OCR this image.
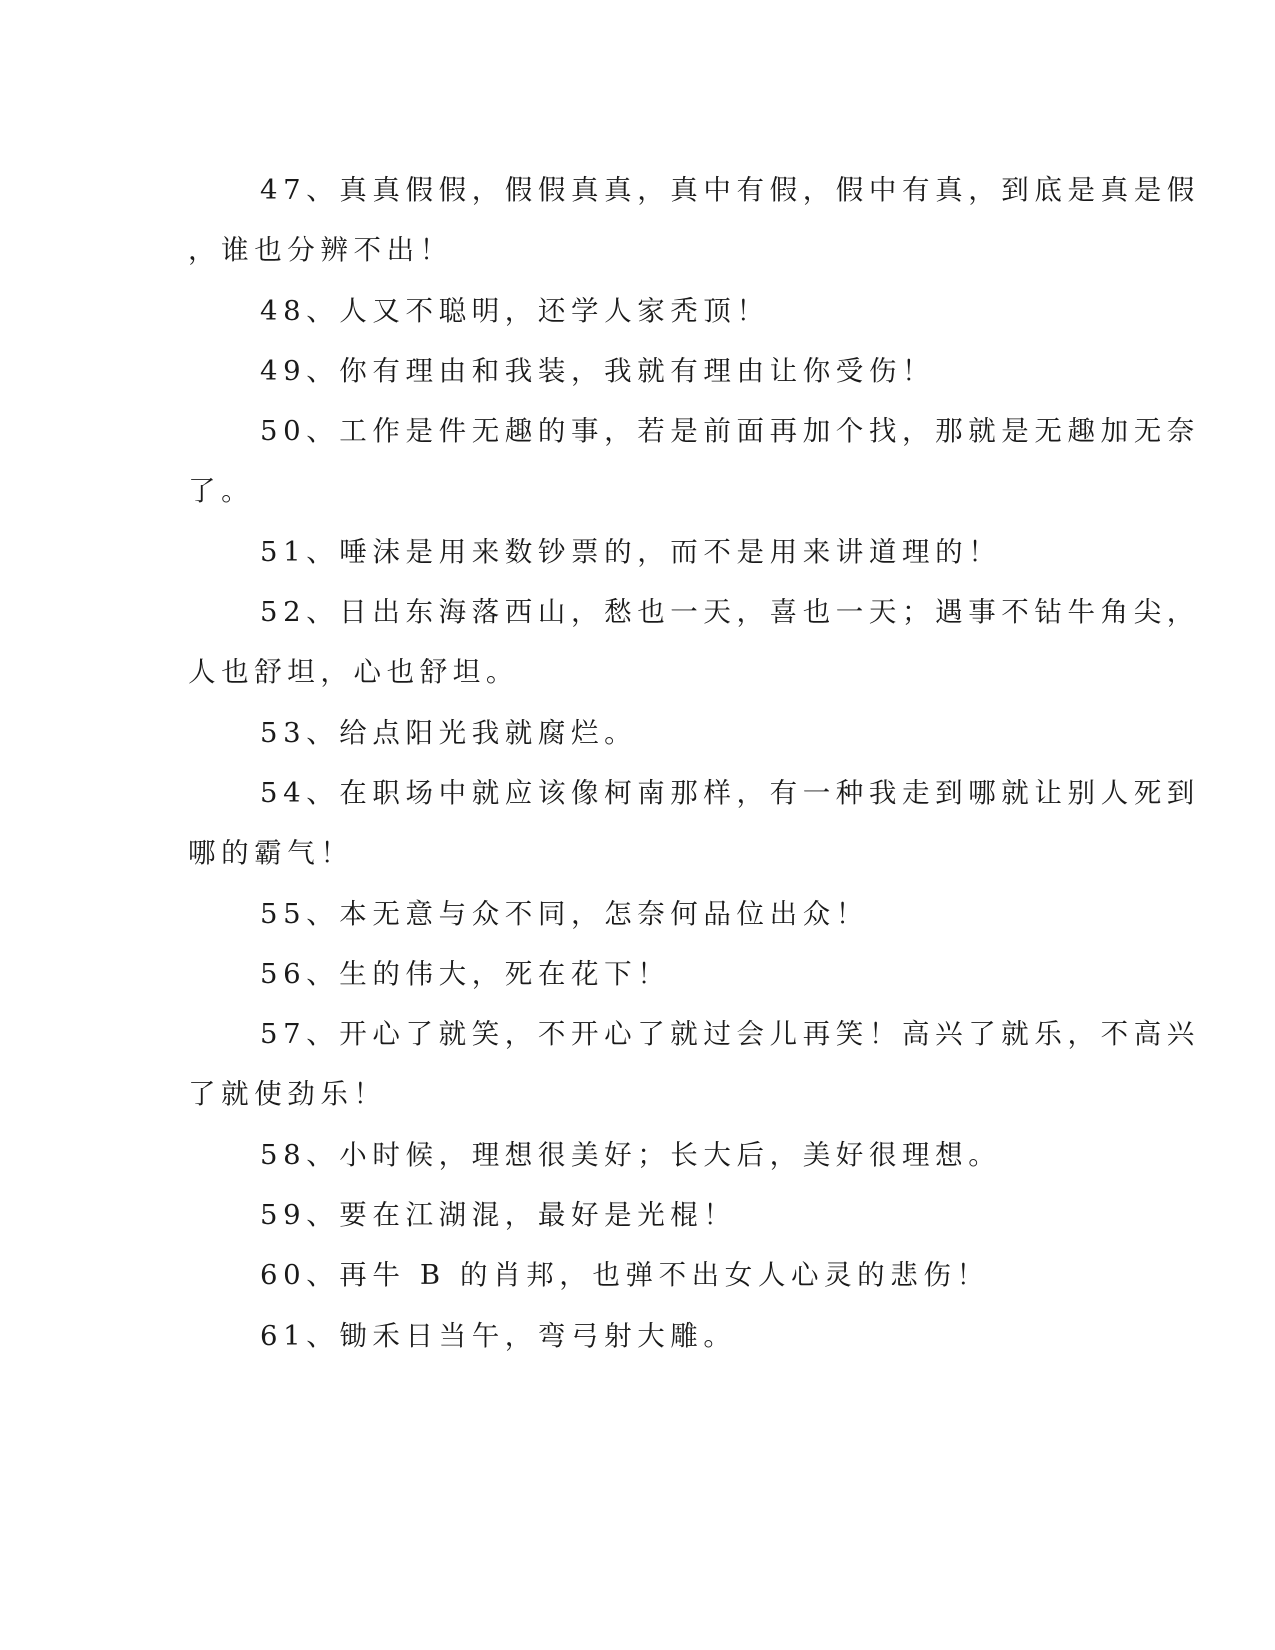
47、真真假假，假假真真，真中有假，假中有真，到底是真是假
，谁也分辨不出！
48、人又不聪明，还学人家秃顶！
49、你有理由和我装，我就有理由让你受伤！
50、工作是件无趣的事，若是前面再加个找，那就是无趣加无奈
了。
51、唾沫是用来数钞票的，而不是用来讲道理的！
52、日出东海落西山，愁也一天，喜也一天；遇事不钻牛角尖，
人也舒坦，心也舒坦。
53、给点阳光我就腐烂。
54、在职场中就应该像柯南那样，有一种我走到哪就让别人死到
哪的霸气！
55、本无意与众不同，怎奈何品位出众！
56、生的伟大，死在花下！
57、开心了就笑，不开心了就过会儿再笑！高兴了就乐，不高兴
了就使劲乐！
58、小时候，理想很美好；长大后，美好很理想。
59、要在江湖混，最好是光棍！
60、再牛 B 的肖邦，也弹不出女人心灵的悲伤！
61、锄禾日当午，弯弓射大雕。
